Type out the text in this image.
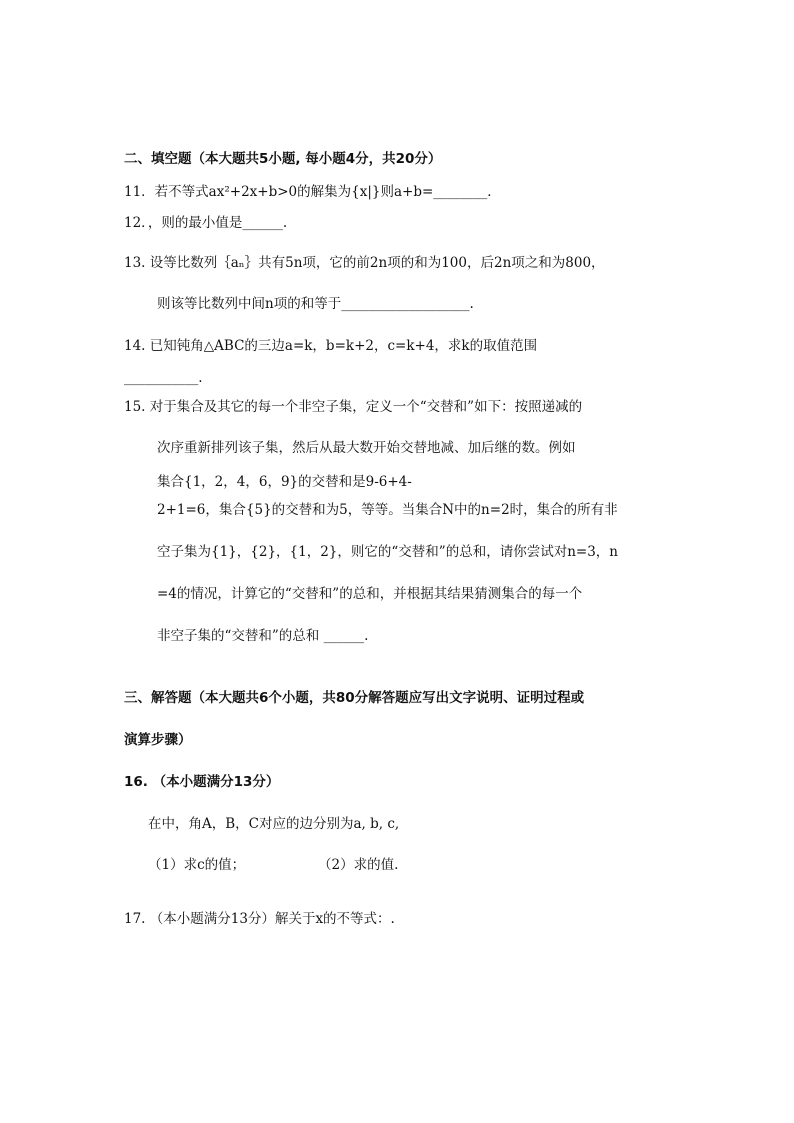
二、填空题（本大题共5小题, 每小题4分，共20分）
11．若不等式ax²+2x+b>0的解集为{x|}则a+b=________．
12．，则的最小值是______.
13. 设等比数列｛aₙ｝共有5n项，它的前2n项的和为100，后2n项之和为800，
则该等比数列中间n项的和等于___________________.
14. 已知钝角△ABC的三边a=k，b=k+2，c=k+4，求k的取值范围
___________.
15. 对于集合及其它的每一个非空子集，定义一个“交替和”如下：按照递减的
次序重新排列该子集，然后从最大数开始交替地减、加后继的数。例如
集合{1，2，4，6，9}的交替和是9-6+4-
2+1=6，集合{5}的交替和为5，等等。当集合N中的n=2时，集合的所有非
空子集为{1}，{2}，{1，2}，则它的“交替和”的总和，请你尝试对n=3，n
=4的情况，计算它的“交替和”的总和，并根据其结果猜测集合的每一个
非空子集的“交替和”的总和 ______.
三、解答题（本大题共6个小题，共80分解答题应写出文字说明、证明过程或
演算步骤）
16. （本小题满分13分）
在中，角A，B，C对应的边分别为a, b, c,
（1）求c的值；	（2）求的值.
17. （本小题满分13分）解关于x的不等式：.
